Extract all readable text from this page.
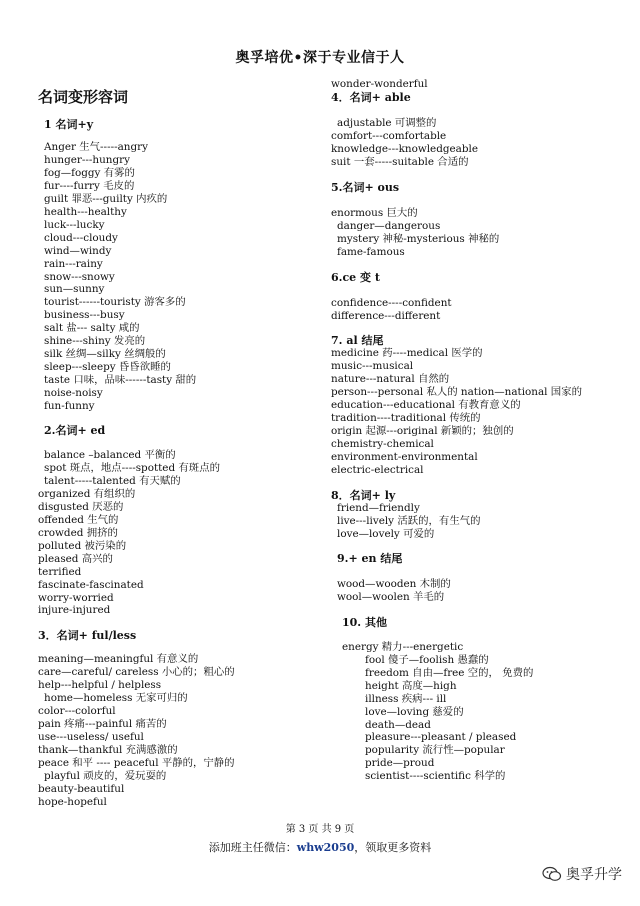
奥孚培优•深于专业信于人
名词变形容词
1 名词+y
Anger 生气-----angry
hunger---hungry
fog—foggy 有雾的
fur----furry 毛皮的
guilt 罪恶---guilty 内疚的
health---healthy
luck---lucky
cloud---cloudy
wind—windy
rain---rainy
snow---snowy
sun—sunny
tourist------touristy 游客多的
business---busy
salt 盐--- salty 咸的
shine---shiny 发亮的
silk 丝绸—silky 丝绸般的
sleep---sleepy 昏昏欲睡的
taste 口味，品味------tasty 甜的
noise-noisy
fun-funny
2.名词+ ed
balance –balanced 平衡的
spot 斑点，地点----spotted 有斑点的
talent-----talented 有天赋的
organized 有组织的
disgusted 厌恶的
offended 生气的
crowded 拥挤的
polluted 被污染的
pleased 高兴的
terrified
fascinate-fascinated
worry-worried
injure-injured
3．名词+ ful/less
meaning—meaningful 有意义的
care—careful/ careless 小心的；粗心的
help---helpful / helpless
home—homeless 无家可归的
color---colorful
pain 疼痛---painful 痛苦的
use---useless/ useful
thank—thankful 充满感激的
peace 和平 ---- peaceful 平静的，宁静的
playful 顽皮的，爱玩耍的
beauty-beautiful
hope-hopeful
wonder-wonderful
4．名词+ able
adjustable 可调整的
comfort---comfortable
knowledge---knowledgeable
suit 一套-----suitable 合适的
5.名词+ ous
enormous 巨大的
danger—dangerous
mystery 神秘-mysterious 神秘的
fame-famous
6.ce 变 t
confidence----confident
difference---different
7. al 结尾
medicine 药----medical 医学的
music---musical
nature---natural 自然的
person---personal 私人的 nation—national 国家的
education---educational 有教育意义的
tradition----traditional 传统的
origin 起源---original 新颖的；独创的
chemistry-chemical
environment-environmental
electric-electrical
8．名词+ ly
friend—friendly
live---lively 活跃的，有生气的
love—lovely 可爱的
9.+ en 结尾
wood—wooden 木制的
wool—woolen 羊毛的
10. 其他
energy 精力---energetic
fool 傻子—foolish 愚蠢的
freedom 自由—free 空的， 免费的
height 高度—high
illness 疾病--- ill
love—loving 慈爱的
death—dead
pleasure---pleasant / pleased
popularity 流行性—popular
pride—proud
scientist----scientific 科学的
第 3 页 共 9 页
添加班主任微信：whw2050，领取更多资料
奥孚升学
